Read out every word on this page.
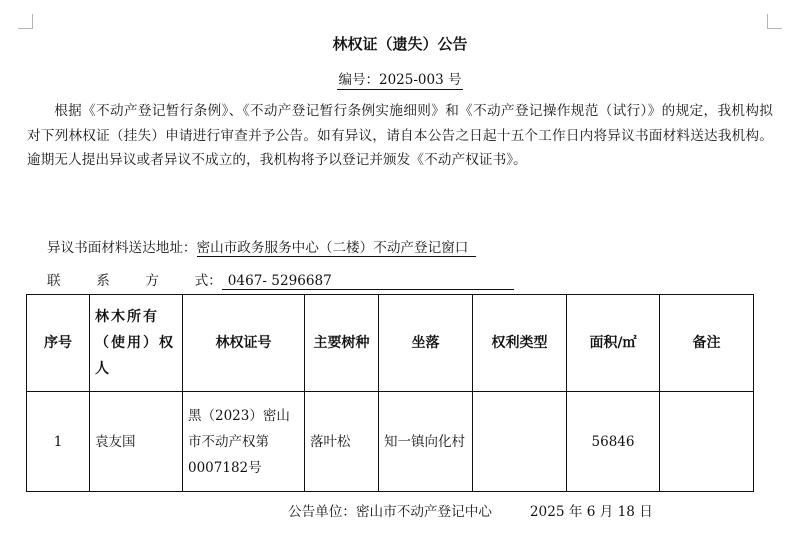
林权证（遗失）公告
编号：2025-003 号

根据《不动产登记暂行条例》、《不动产登记暂行条例实施细则》和《不动产登记操作规范（试行）》的规定，我机构拟对下列林权证（挂失）申请进行审查并予公告。如有异议，请自本公告之日起十五个工作日内将异议书面材料送达我机构。逾期无人提出异议或者异议不成立的，我机构将予以登记并颁发《不动产权证书》。

异议书面材料送达地址：密山市政务服务中心（二楼）不动产登记窗口
联系方式： 0467- 5296687
序号	林木所有（使用）权人	林权证号	主要树种	坐落	权利类型	面积/㎡	备注
1	袁友国	黑（2023）密山市不动产权第0007182号	落叶松	知一镇向化村		56846	
公告单位：密山市不动产登记中心	2025 年 6 月 18 日
